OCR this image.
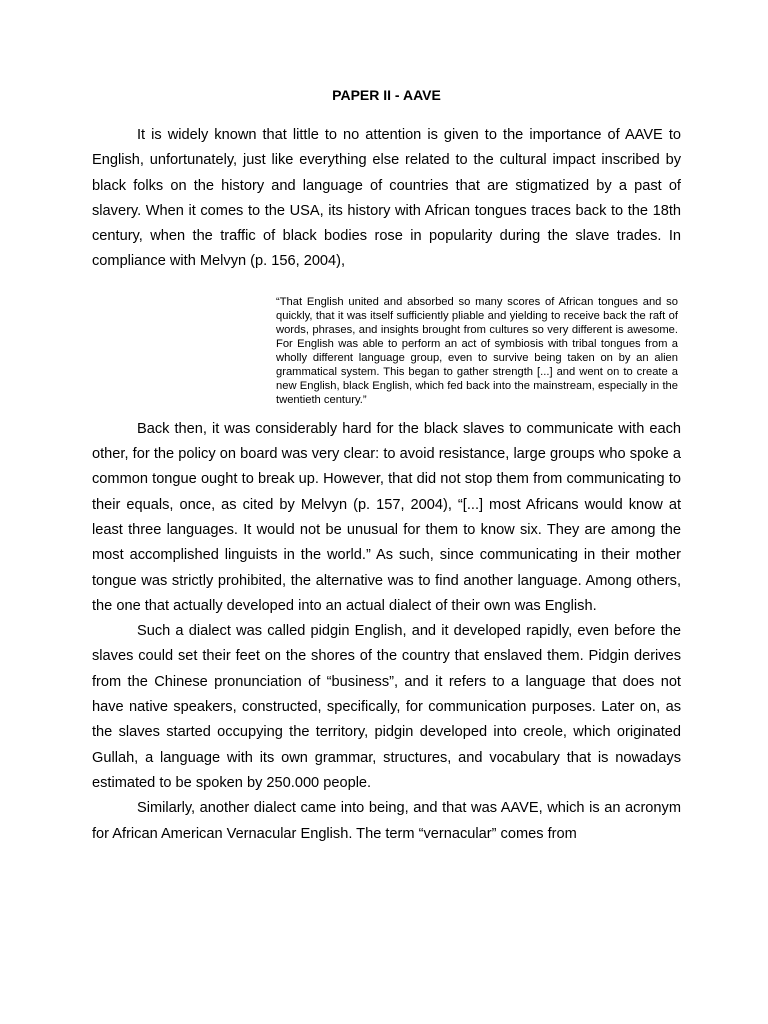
PAPER II - AAVE

It is widely known that little to no attention is given to the importance of AAVE to English, unfortunately, just like everything else related to the cultural impact inscribed by black folks on the history and language of countries that are stigmatized by a past of slavery. When it comes to the USA, its history with African tongues traces back to the 18th century, when the traffic of black bodies rose in popularity during the slave trades. In compliance with Melvyn (p. 156, 2004),

“That English united and absorbed so many scores of African tongues and so quickly, that it was itself sufficiently pliable and yielding to receive back the raft of words, phrases, and insights brought from cultures so very different is awesome. For English was able to perform an act of symbiosis with tribal tongues from a wholly different language group, even to survive being taken on by an alien grammatical system. This began to gather strength [...] and went on to create a new English, black English, which fed back into the mainstream, especially in the twentieth century.”

Back then, it was considerably hard for the black slaves to communicate with each other, for the policy on board was very clear: to avoid resistance, large groups who spoke a common tongue ought to break up. However, that did not stop them from communicating to their equals, once, as cited by Melvyn (p. 157, 2004), “[...] most Africans would know at least three languages. It would not be unusual for them to know six. They are among the most accomplished linguists in the world.” As such, since communicating in their mother tongue was strictly prohibited, the alternative was to find another language. Among others, the one that actually developed into an actual dialect of their own was English.

Such a dialect was called pidgin English, and it developed rapidly, even before the slaves could set their feet on the shores of the country that enslaved them. Pidgin derives from the Chinese pronunciation of “business”, and it refers to a language that does not have native speakers, constructed, specifically, for communication purposes. Later on, as the slaves started occupying the territory, pidgin developed into creole, which originated Gullah, a language with its own grammar, structures, and vocabulary that is nowadays estimated to be spoken by 250.000 people.

Similarly, another dialect came into being, and that was AAVE, which is an acronym for African American Vernacular English. The term “vernacular” comes from
